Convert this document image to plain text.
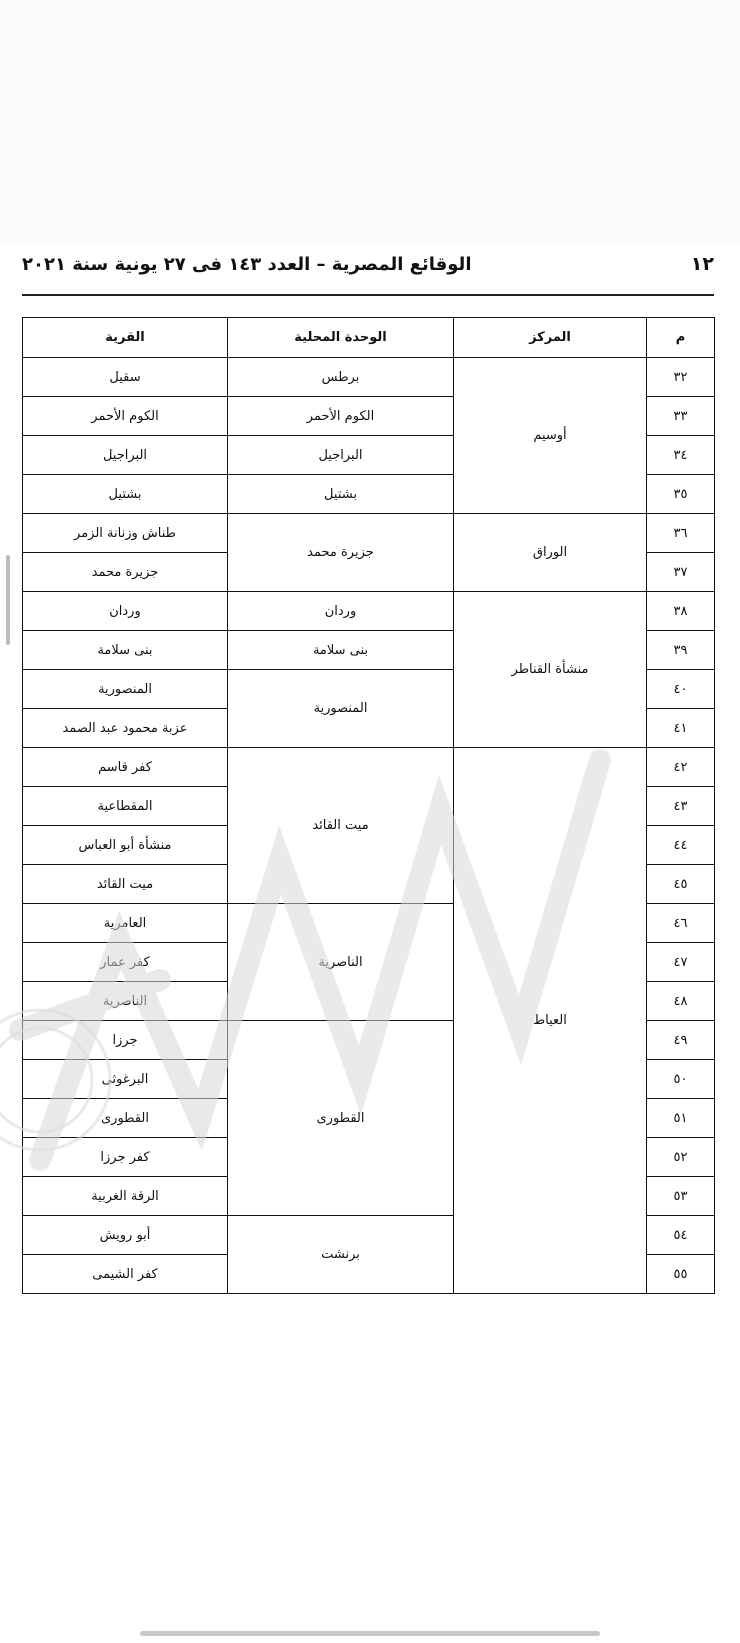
١٢
الوقائع المصرية – العدد ١٤٣ فى ٢٧ يونية سنة ٢٠٢١
م	المركز	الوحدة المحلية	القرية
٣٢	أوسيم	برطس	سقيل
٣٣		الكوم الأحمر	الكوم الأحمر
٣٤		البراجيل	البراجيل
٣٥		بشتيل	بشتيل
٣٦	الوراق	جزيرة محمد	طناش وزنانة الزمر
٣٧			جزيرة محمد
٣٨	منشأة القناطر	وردان	وردان
٣٩		بنى سلامة	بنى سلامة
٤٠		المنصورية	المنصورية
٤١			عزبة محمود عبد الصمد
٤٢	العياط	ميت القائد	كفر قاسم
٤٣			المقطاعية
٤٤			منشأة أبو العباس
٤٥			ميت القائد
٤٦		الناصرية	العامرية
٤٧			كفر عمار
٤٨			الناصرية
٤٩		القطورى	جرزا
٥٠			البرغوثى
٥١			القطورى
٥٢			كفر جرزا
٥٣			الرقة الغربية
٥٤		برنشت	أبو رويش
٥٥			كفر الشيمى
